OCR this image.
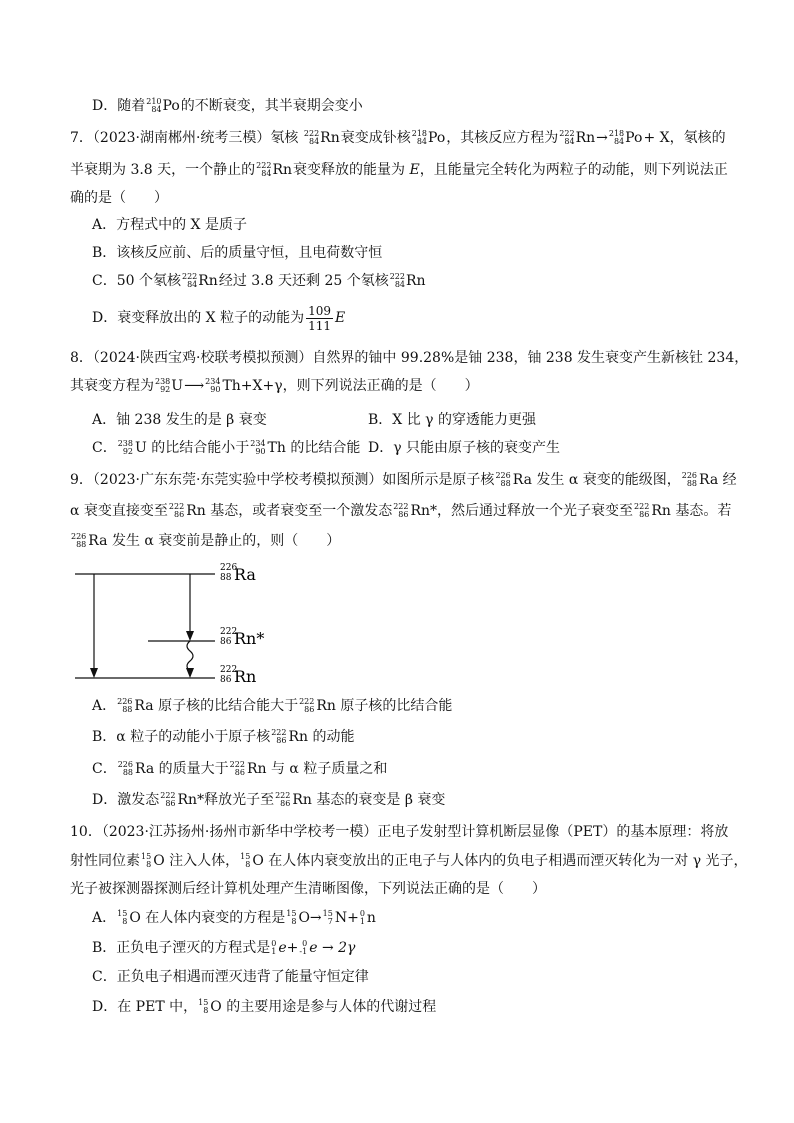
D．随着 210
84 Po 的不断衰变，其半衰期会变小
7．（2023·湖南郴州·统考三模）氡核 222
84 Rn 衰变成钋核 218
84 Po ，其核反应方程为 222
84 Rn → 218
84 Po + X，氡核的
半衰期为 3.8 天，一个静止的 222
84 Rn 衰变释放的能量为 E，且能量完全转化为两粒子的动能，则下列说法正
确的是（　　）
A．方程式中的 X 是质子
B．该核反应前、后的质量守恒，且电荷数守恒
C．50 个氡核 222
84 Rn 经过 3.8 天还剩 25 个氡核 222
84 Rn
D．衰变释放出的 X 粒子的动能为 $\frac{109}{111}$ E
8．（2024·陕西宝鸡·校联考模拟预测）自然界的铀中 99.28%是铀 238，铀 238 发生衰变产生新核钍 234，
其衰变方程为 238
92 U ⟶ 234
90 Th+X+γ，则下列说法正确的是（　　）
A．铀 238 发生的是 β 衰变	B．X 比 γ 的穿透能力更强
C． 238
92 U 的比结合能小于 234
90 Th 的比结合能 D．γ 只能由原子核的衰变产生
9．（2023·广东东莞·东莞实验中学校考模拟预测）如图所示是原子核 226
88 Ra 发生 α 衰变的能级图， 226
88 Ra 经
α 衰变直接变至 222
86 Rn 基态，或者衰变至一个激发态 222
86 Rn*，然后通过释放一个光子衰变至 222
86 Rn 基态。若
226
88 Ra 发生 α 衰变前是静止的，则（　　）
226
88 Ra
222
86 Rn*
222
86 Rn
A． 226
88 Ra 原子核的比结合能大于 222
86 Rn 原子核的比结合能
B．α 粒子的动能小于原子核 222
86 Rn 的动能
C． 226
88 Ra 的质量大于 222
86 Rn 与 α 粒子质量之和
D．激发态 222
86 Rn*释放光子至 222
86 Rn 基态的衰变是 β 衰变
10．（2023·江苏扬州·扬州市新华中学校考一模）正电子发射型计算机断层显像（PET）的基本原理：将放
射性同位素 15
8 O 注入人体， 15
8 O 在人体内衰变放出的正电子与人体内的负电子相遇而湮灭转化为一对 γ 光子，
光子被探测器探测后经计算机处理产生清晰图像，下列说法正确的是（　　）
A． 15
8 O 在人体内衰变的方程是 15
8 O→ 15
7 N+ 0
1 n
B．正负电子湮灭的方程式是 0
1 e+ 0
-1 e → 2γ
C．正负电子相遇而湮灭违背了能量守恒定律
D．在 PET 中， 15
8 O 的主要用途是参与人体的代谢过程
